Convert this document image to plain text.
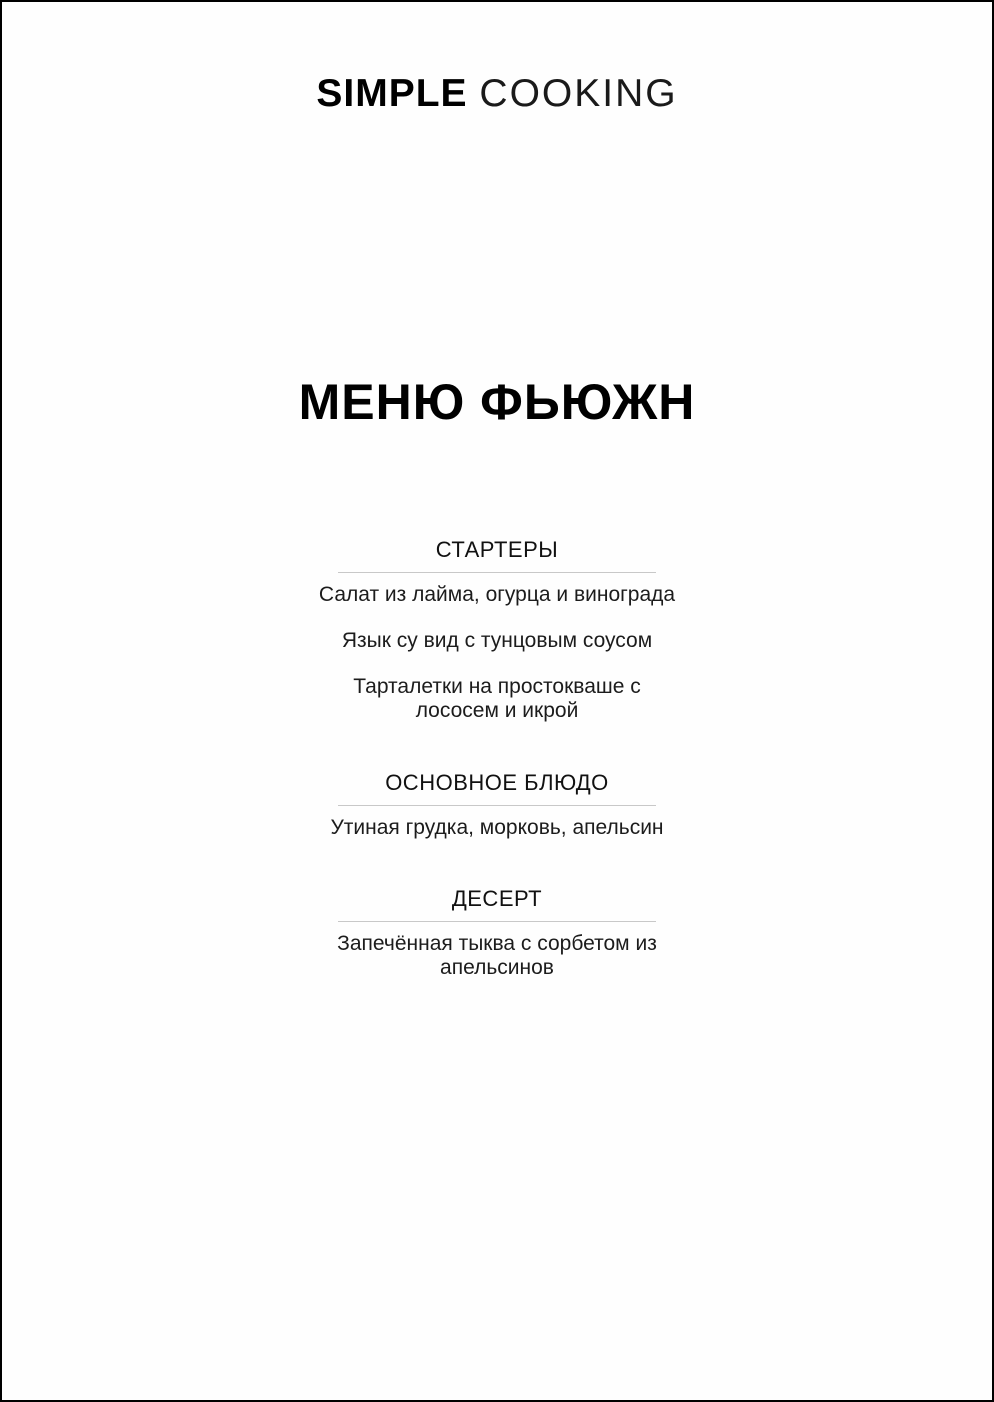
SIMPLE COOKING
МЕНЮ ФЬЮЖН
СТАРТЕРЫ
Салат из лайма, огурца и винограда
Язык су вид с тунцовым соусом
Тарталетки на простокваше с
лососем и икрой
ОСНОВНОЕ БЛЮДО
Утиная грудка, морковь, апельсин
ДЕСЕРТ
Запечённая тыква с сорбетом из
апельсинов
